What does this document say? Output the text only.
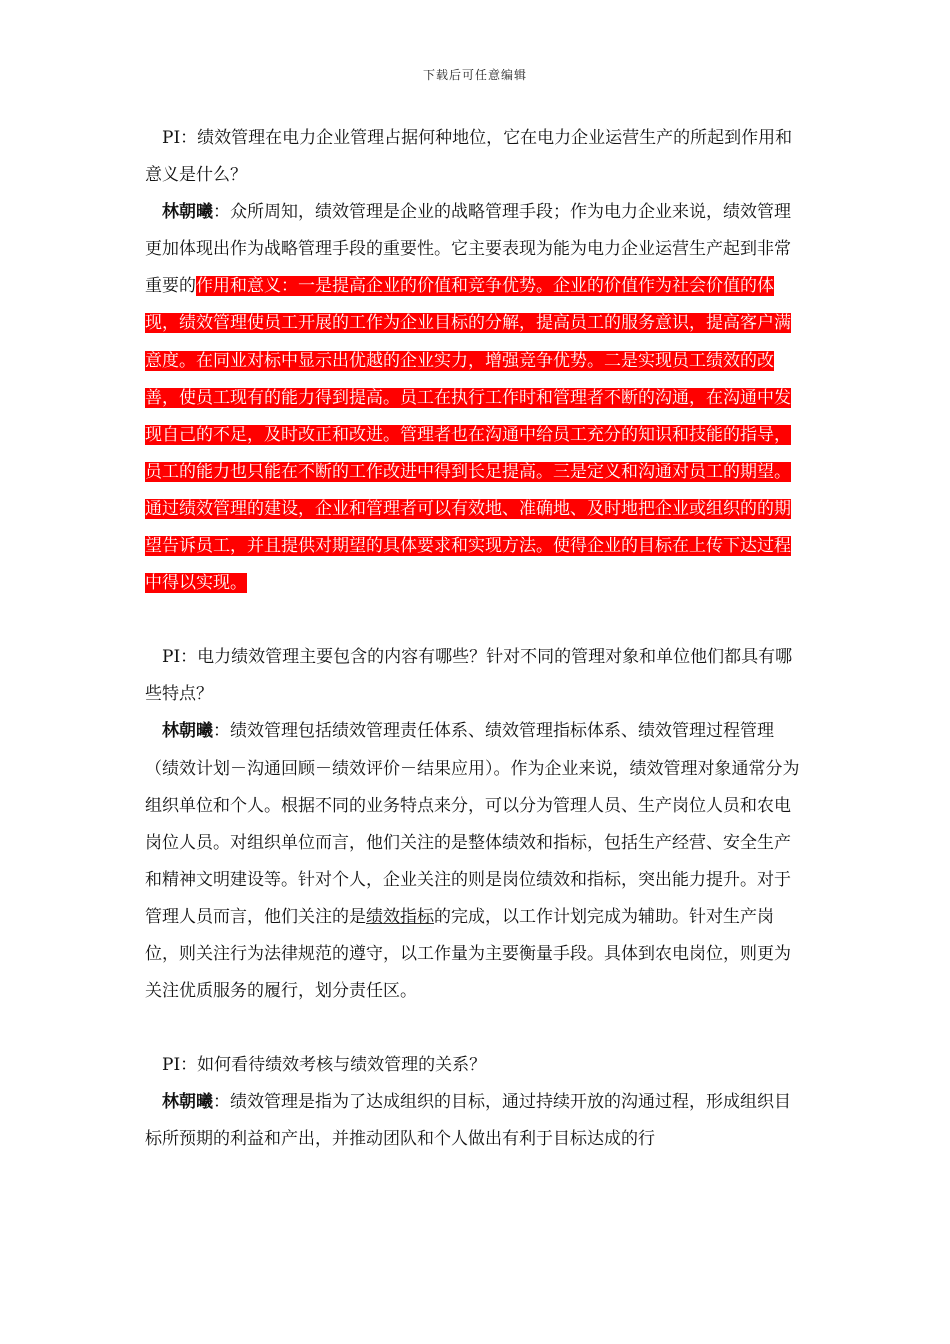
下载后可任意编辑

PI：绩效管理在电力企业管理占据何种地位，它在电力企业运营生产的所起到作用和意义是什么？

林朝曦：众所周知，绩效管理是企业的战略管理手段；作为电力企业来说，绩效管理更加体现出作为战略管理手段的重要性。它主要表现为能为电力企业运营生产起到非常重要的作用和意义：一是提高企业的价值和竞争优势。企业的价值作为社会价值的体现，绩效管理使员工开展的工作为企业目标的分解，提高员工的服务意识，提高客户满意度。在同业对标中显示出优越的企业实力，增强竞争优势。二是实现员工绩效的改善，使员工现有的能力得到提高。员工在执行工作时和管理者不断的沟通，在沟通中发现自己的不足，及时改正和改进。管理者也在沟通中给员工充分的知识和技能的指导，员工的能力也只能在不断的工作改进中得到长足提高。三是定义和沟通对员工的期望。通过绩效管理的建设，企业和管理者可以有效地、准确地、及时地把企业或组织的的期望告诉员工，并且提供对期望的具体要求和实现方法。使得企业的目标在上传下达过程中得以实现。

PI：电力绩效管理主要包含的内容有哪些？针对不同的管理对象和单位他们都具有哪些特点？

林朝曦：绩效管理包括绩效管理责任体系、绩效管理指标体系、绩效管理过程管理（绩效计划－沟通回顾－绩效评价－结果应用）。作为企业来说，绩效管理对象通常分为组织单位和个人。根据不同的业务特点来分，可以分为管理人员、生产岗位人员和农电岗位人员。对组织单位而言，他们关注的是整体绩效和指标，包括生产经营、安全生产和精神文明建设等。针对个人，企业关注的则是岗位绩效和指标，突出能力提升。对于管理人员而言，他们关注的是绩效指标的完成，以工作计划完成为辅助。针对生产岗位，则关注行为法律规范的遵守，以工作量为主要衡量手段。具体到农电岗位，则更为关注优质服务的履行，划分责任区。

PI：如何看待绩效考核与绩效管理的关系？

林朝曦：绩效管理是指为了达成组织的目标，通过持续开放的沟通过程，形成组织目标所预期的利益和产出，并推动团队和个人做出有利于目标达成的行
